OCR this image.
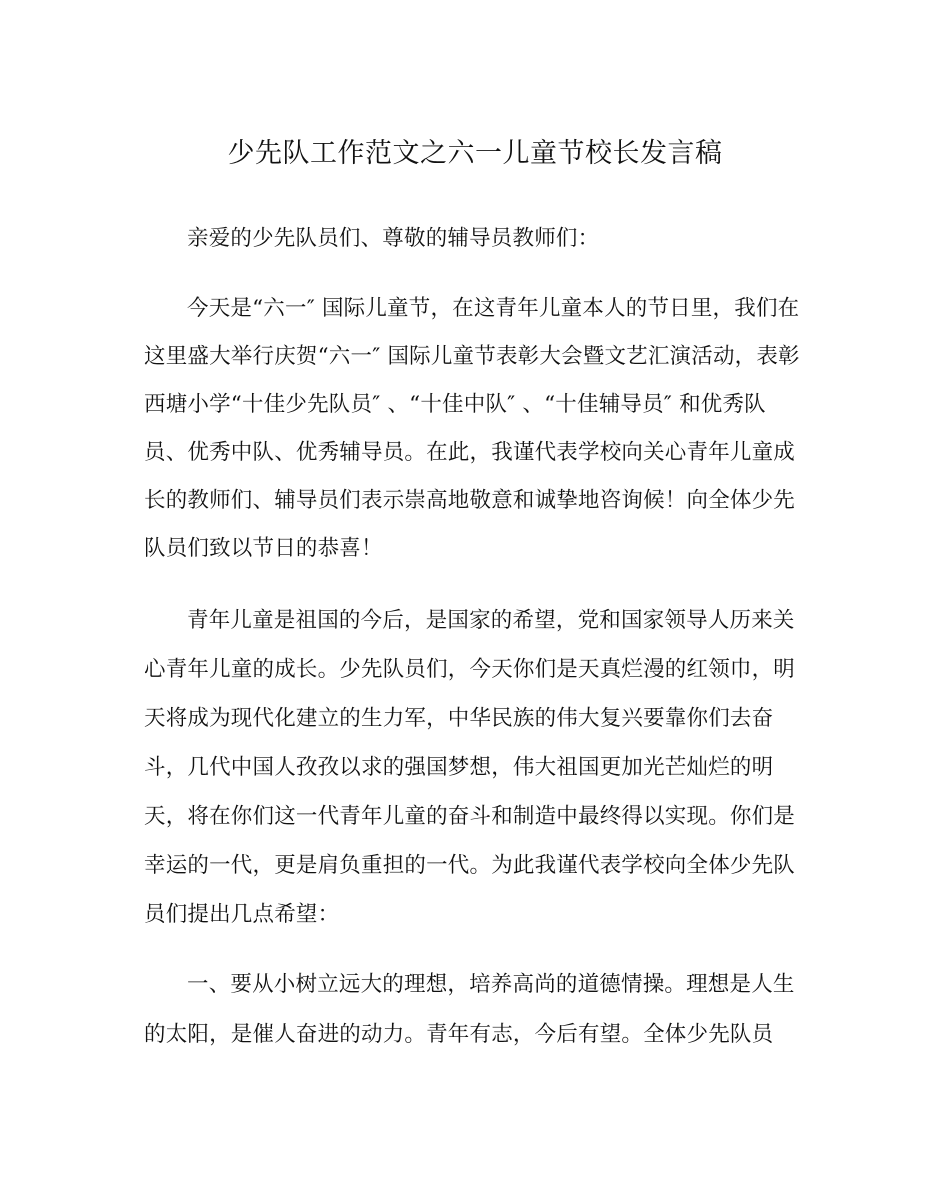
少先队工作范文之六一儿童节校长发言稿
亲爱的少先队员们、尊敬的辅导员教师们：
今天是“六一″ 国际儿童节，在这青年儿童本人的节日里，我们在
这里盛大举行庆贺“六一″ 国际儿童节表彰大会暨文艺汇演活动，表彰
西塘小学“十佳少先队员″ 、“十佳中队″ 、“十佳辅导员″ 和优秀队
员、优秀中队、优秀辅导员。在此，我谨代表学校向关心青年儿童成
长的教师们、辅导员们表示崇高地敬意和诚挚地咨询候！向全体少先
队员们致以节日的恭喜！
青年儿童是祖国的今后，是国家的希望，党和国家领导人历来关
心青年儿童的成长。少先队员们，今天你们是天真烂漫的红领巾，明
天将成为现代化建立的生力军，中华民族的伟大复兴要靠你们去奋
斗，几代中国人孜孜以求的强国梦想，伟大祖国更加光芒灿烂的明
天，将在你们这一代青年儿童的奋斗和制造中最终得以实现。你们是
幸运的一代，更是肩负重担的一代。为此我谨代表学校向全体少先队
员们提出几点希望：
一、要从小树立远大的理想，培养高尚的道德情操。理想是人生
的太阳，是催人奋进的动力。青年有志，今后有望。全体少先队员
